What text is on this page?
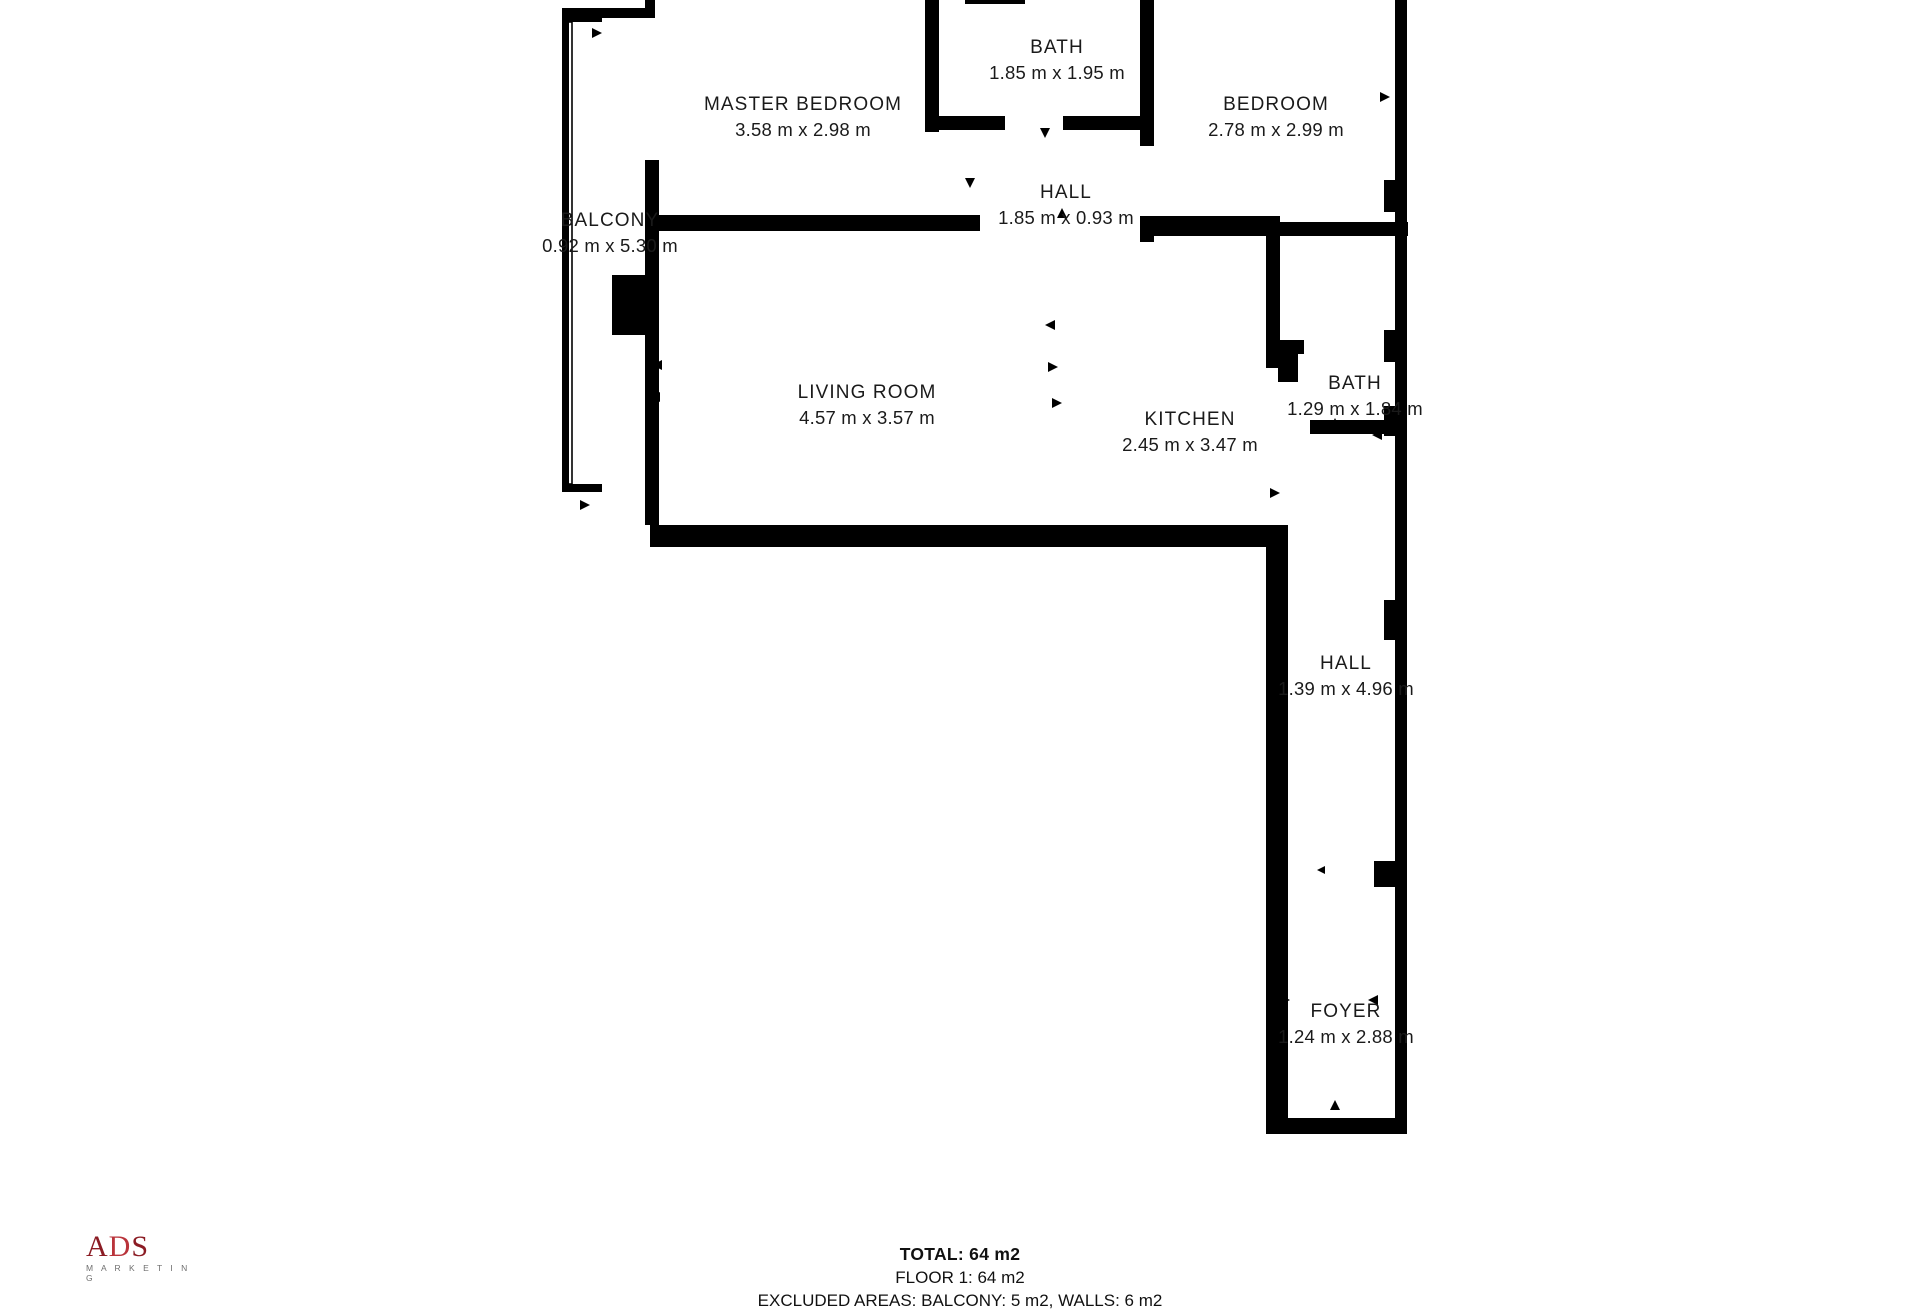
MASTER BEDROOM
3.58 m x 2.98 m
BATH
1.85 m x 1.95 m
BEDROOM
2.78 m x 2.99 m
HALL
1.85 m x 0.93 m
BALCONY
0.92 m x 5.30 m
LIVING ROOM
4.57 m x 3.57 m	KITCHEN
2.45 m x 3.47 m
BATH
1.29 m x 1.84 m
HALL
1.39 m x 4.96 m
FOYER
1.24 m x 2.88 m
TOTAL: 64 m2
FLOOR 1: 64 m2
EXCLUDED AREAS: BALCONY: 5 m2, WALLS: 6 m2
ADS
M A R K E T I N G
